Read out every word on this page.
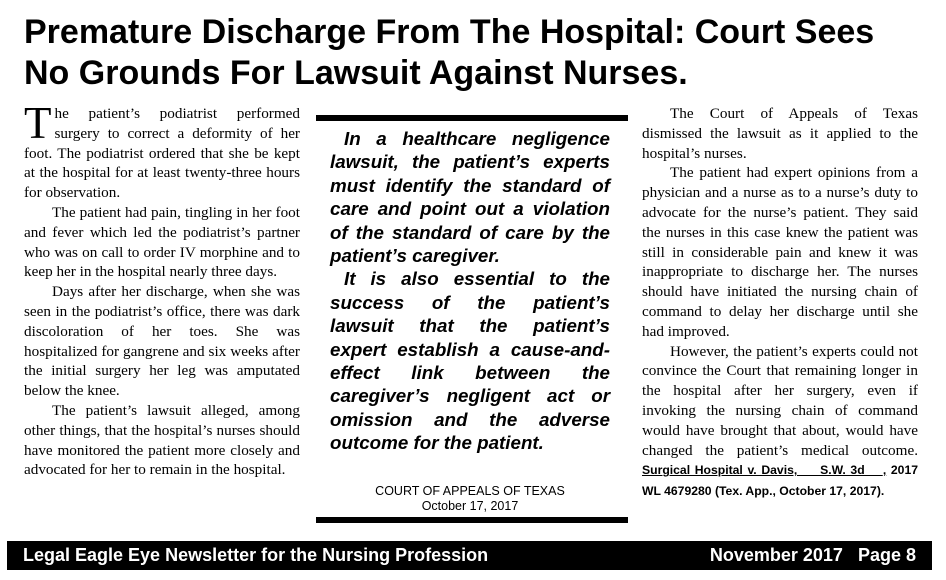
Premature Discharge From The Hospital: Court Sees No Grounds For Lawsuit Against Nurses.

The patient’s podiatrist performed surgery to correct a deformity of her foot. The podiatrist ordered that she be kept at the hospital for at least twenty-three hours for observation.

The patient had pain, tingling in her foot and fever which led the podiatrist’s partner who was on call to order IV morphine and to keep her in the hospital nearly three days.

Days after her discharge, when she was seen in the podiatrist’s office, there was dark discoloration of her toes. She was hospitalized for gangrene and six weeks after the initial surgery her leg was amputated below the knee.

The patient’s lawsuit alleged, among other things, that the hospital’s nurses should have monitored the patient more closely and advocated for her to remain in the hospital.

In a healthcare negligence lawsuit, the patient’s experts must identify the standard of care and point out a violation of the standard of care by the patient’s caregiver.

It is also essential to the success of the patient’s lawsuit that the patient’s expert establish a cause-and-effect link between the caregiver’s negligent act or omission and the adverse outcome for the patient.

COURT OF APPEALS OF TEXAS
October 17, 2017

The Court of Appeals of Texas dismissed the lawsuit as it applied to the hospital’s nurses.

The patient had expert opinions from a physician and a nurse as to a nurse’s duty to advocate for the nurse’s patient. They said the nurses in this case knew the patient was still in considerable pain and knew it was inappropriate to discharge her. The nurses should have initiated the nursing chain of command to delay her discharge until she had improved.

However, the patient’s experts could not convince the Court that remaining longer in the hospital after her surgery, even if invoking the nursing chain of command would have brought that about, would have changed the patient’s medical outcome. Surgical Hospital v. Davis, __ S.W. 3d __, 2017 WL 4679280 (Tex. App., October 17, 2017).

Legal Eagle Eye Newsletter for the Nursing Profession	November 2017 Page 8
